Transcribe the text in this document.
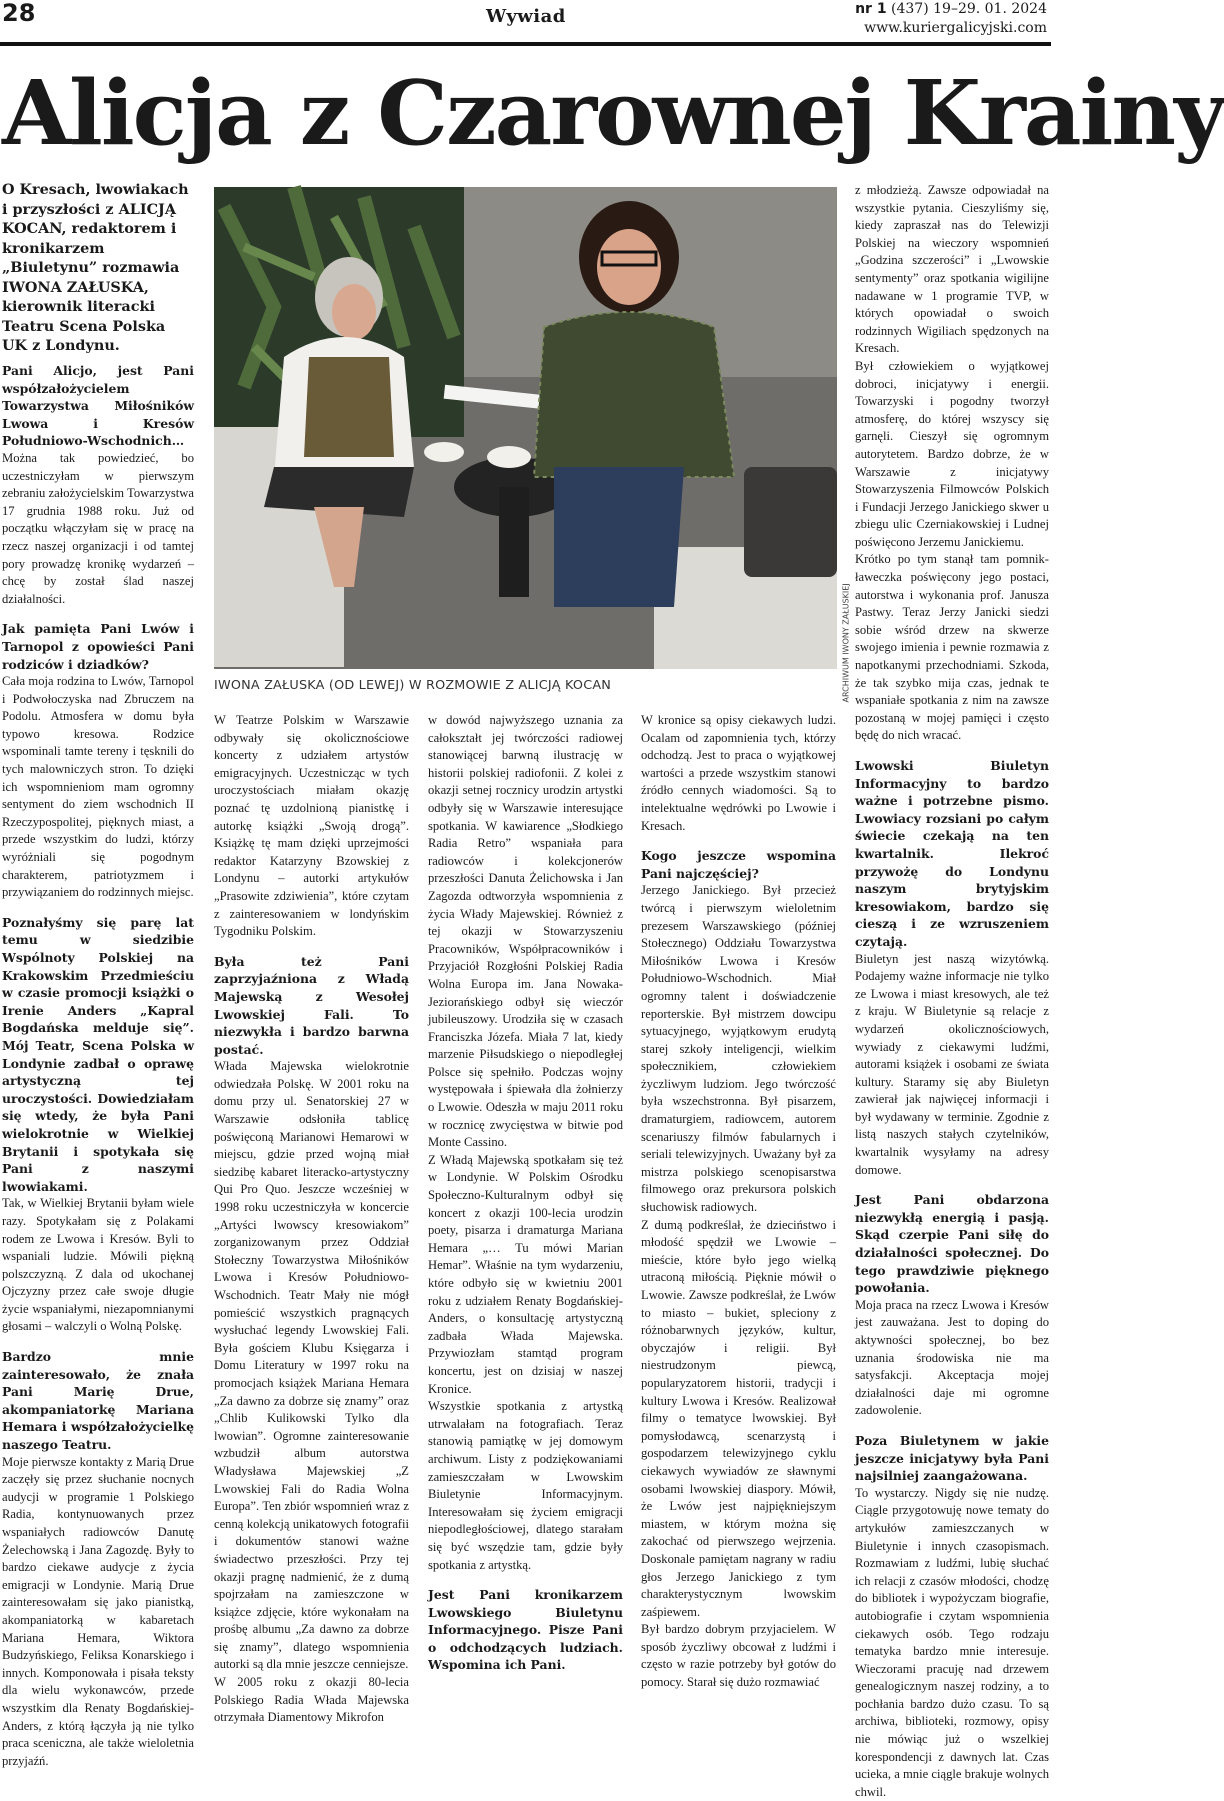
28	Wywiad	nr 1 (437) 19–29. 01. 2024
www.kuriergalicyjski.com
Alicja z Czarownej Krainy
O Kresach, lwowiakach i przyszłości z ALICJĄ KOCAN, redaktorem i kronikarzem „Biuletynu” rozmawia IWONA ZAŁUSKA, kierownik literacki Teatru Scena Polska UK z Londynu.
ARCHIWUM IWONY ZAŁUSKIEJ
IWONA ZAŁUSKA (OD LEWEJ) W ROZMOWIE Z ALICJĄ KOCAN

Pani Alicjo, jest Pani współzałożycielem Towarzystwa Miłośników Lwowa i Kresów Południowo-Wschodnich…

Można tak powiedzieć, bo uczestniczyłam w pierwszym zebraniu założycielskim Towarzystwa 17 grudnia 1988 roku. Już od początku włączyłam się w pracę na rzecz naszej organizacji i od tamtej pory prowadzę kronikę wydarzeń – chcę by został ślad naszej działalności.

Jak pamięta Pani Lwów i Tarnopol z opowieści Pani rodziców i dziadków?

Cała moja rodzina to Lwów, Tarnopol i Podwołoczyska nad Zbruczem na Podolu. Atmosfera w domu była typowo kresowa. Rodzice wspominali tamte tereny i tęsknili do tych malowniczych stron. To dzięki ich wspomnieniom mam ogromny sentyment do ziem wschodnich II Rzeczypospolitej, pięknych miast, a przede wszystkim do ludzi, którzy wyróżniali się pogodnym charakterem, patriotyzmem i przywiązaniem do rodzinnych miejsc.

Poznałyśmy się parę lat temu w siedzibie Wspólnoty Polskiej na Krakowskim Przedmieściu w czasie promocji książki o Irenie Anders „Kapral Bogdańska melduje się”. Mój Teatr, Scena Polska w Londynie zadbał o oprawę artystyczną tej uroczystości. Dowiedziałam się wtedy, że była Pani wielokrotnie w Wielkiej Brytanii i spotykała się Pani z naszymi lwowiakami.

Tak, w Wielkiej Brytanii byłam wiele razy. Spotykałam się z Polakami rodem ze Lwowa i Kresów. Byli to wspaniali ludzie. Mówili piękną polszczyzną. Z dala od ukochanej Ojczyzny przez całe swoje długie życie wspaniałymi, niezapomnianymi głosami – walczyli o Wolną Polskę.

Bardzo mnie zainteresowało, że znała Pani Marię Drue, akompaniatorkę Mariana Hemara i współzałożycielkę naszego Teatru.

Moje pierwsze kontakty z Marią Drue zaczęły się przez słuchanie nocnych audycji w programie 1 Polskiego Radia, kontynuowanych przez wspaniałych radiowców Danutę Żelechowską i Jana Zagozdę. Były to bardzo ciekawe audycje z życia emigracji w Londynie. Marią Drue zainteresowałam się jako pianistką, akompaniatorką w kabaretach Mariana Hemara, Wiktora Budzyńskiego, Feliksa Konarskiego i innych. Komponowała i pisała teksty dla wielu wykonawców, przede wszystkim dla Renaty Bogdańskiej-Anders, z którą łączyła ją nie tylko praca sceniczna, ale także wieloletnia przyjaźń.

W Teatrze Polskim w Warszawie odbywały się okolicznościowe koncerty z udziałem artystów emigracyjnych. Uczestnicząc w tych uroczystościach miałam okazję poznać tę uzdolnioną pianistkę i autorkę książki „Swoją drogą”. Książkę tę mam dzięki uprzejmości redaktor Katarzyny Bzowskiej z Londynu – autorki artykułów „Prasowite zdziwienia”, które czytam z zainteresowaniem w londyńskim Tygodniku Polskim.

Była też Pani zaprzyjaźniona z Władą Majewską z Wesołej Lwowskiej Fali. To niezwykła i bardzo barwna postać.

Włada Majewska wielokrotnie odwiedzała Polskę. W 2001 roku na domu przy ul. Senatorskiej 27 w Warszawie odsłoniła tablicę poświęconą Marianowi Hemarowi w miejscu, gdzie przed wojną miał siedzibę kabaret literacko-artystyczny Qui Pro Quo. Jeszcze wcześniej w 1998 roku uczestniczyła w koncercie „Artyści lwowscy kresowiakom” zorganizowanym przez Oddział Stołeczny Towarzystwa Miłośników Lwowa i Kresów Południowo-Wschodnich. Teatr Mały nie mógł pomieścić wszystkich pragnących wysłuchać legendy Lwowskiej Fali. Była gościem Klubu Księgarza i Domu Literatury w 1997 roku na promocjach książek Mariana Hemara „Za dawno za dobrze się znamy” oraz „Chlib Kulikowski Tylko dla lwowian”. Ogromne zainteresowanie wzbudził album autorstwa Władysława Majewskiej „Z Lwowskiej Fali do Radia Wolna Europa”. Ten zbiór wspomnień wraz z cenną kolekcją unikatowych fotografii i dokumentów stanowi ważne świadectwo przeszłości. Przy tej okazji pragnę nadmienić, że z dumą spojrzałam na zamieszczone w książce zdjęcie, które wykonałam na prośbę albumu „Za dawno za dobrze się znamy”, dlatego wspomnienia autorki są dla mnie jeszcze cenniejsze.

W 2005 roku z okazji 80-lecia Polskiego Radia Włada Majewska otrzymała Diamentowy Mikrofon

w dowód najwyższego uznania za całokształt jej twórczości radiowej stanowiącej barwną ilustrację w historii polskiej radiofonii. Z kolei z okazji setnej rocznicy urodzin artystki odbyły się w Warszawie interesujące spotkania. W kawiarence „Słodkiego Radia Retro” wspaniała para radiowców i kolekcjonerów przeszłości Danuta Żelichowska i Jan Zagozda odtworzyła wspomnienia z życia Włady Majewskiej. Również z tej okazji w Stowarzyszeniu Pracowników, Współpracowników i Przyjaciół Rozgłośni Polskiej Radia Wolna Europa im. Jana Nowaka-Jeziorańskiego odbył się wieczór jubileuszowy. Urodziła się w czasach Franciszka Józefa. Miała 7 lat, kiedy marzenie Piłsudskiego o niepodległej Polsce się spełniło. Podczas wojny występowała i śpiewała dla żołnierzy o Lwowie. Odeszła w maju 2011 roku w rocznicę zwycięstwa w bitwie pod Monte Cassino.

Z Władą Majewską spotkałam się też w Londynie. W Polskim Ośrodku Społeczno-Kulturalnym odbył się koncert z okazji 100-lecia urodzin poety, pisarza i dramaturga Mariana Hemara „… Tu mówi Marian Hemar”. Właśnie na tym wydarzeniu, które odbyło się w kwietniu 2001 roku z udziałem Renaty Bogdańskiej-Anders, o konsultację artystyczną zadbała Włada Majewska. Przywiozłam stamtąd program koncertu, jest on dzisiaj w naszej Kronice.

Wszystkie spotkania z artystką utrwalałam na fotografiach. Teraz stanowią pamiątkę w jej domowym archiwum. Listy z podziękowaniami zamieszczałam w Lwowskim Biuletynie Informacyjnym. Interesowałam się życiem emigracji niepodległościowej, dlatego starałam się być wszędzie tam, gdzie były spotkania z artystką.

Jest Pani kronikarzem Lwowskiego Biuletynu Informacyjnego. Pisze Pani o odchodzących ludziach. Wspomina ich Pani.

W kronice są opisy ciekawych ludzi. Ocalam od zapomnienia tych, którzy odchodzą. Jest to praca o wyjątkowej wartości a przede wszystkim stanowi źródło cennych wiadomości. Są to intelektualne wędrówki po Lwowie i Kresach.

Kogo jeszcze wspomina Pani najczęściej?

Jerzego Janickiego. Był przecież twórcą i pierwszym wieloletnim prezesem Warszawskiego (później Stołecznego) Oddziału Towarzystwa Miłośników Lwowa i Kresów Południowo-Wschodnich. Miał ogromny talent i doświadczenie reporterskie. Był mistrzem dowcipu sytuacyjnego, wyjątkowym erudytą starej szkoły inteligencji, wielkim społecznikiem, człowiekiem życzliwym ludziom. Jego twórczość była wszechstronna. Był pisarzem, dramaturgiem, radiowcem, autorem scenariuszy filmów fabularnych i seriali telewizyjnych. Uważany był za mistrza polskiego scenopisarstwa filmowego oraz prekursora polskich słuchowisk radiowych.

Z dumą podkreślał, że dzieciństwo i młodość spędził we Lwowie – mieście, które było jego wielką utraconą miłością. Pięknie mówił o Lwowie. Zawsze podkreślał, że Lwów to miasto – bukiet, spleciony z różnobarwnych języków, kultur, obyczajów i religii. Był niestrudzonym piewcą, popularyzatorem historii, tradycji i kultury Lwowa i Kresów. Realizował filmy o tematyce lwowskiej. Był pomysłodawcą, scenarzystą i gospodarzem telewizyjnego cyklu ciekawych wywiadów ze sławnymi osobami lwowskiej diaspory. Mówił, że Lwów jest najpiękniejszym miastem, w którym można się zakochać od pierwszego wejrzenia. Doskonale pamiętam nagrany w radiu głos Jerzego Janickiego z tym charakterystycznym lwowskim zaśpiewem.

Był bardzo dobrym przyjacielem. W sposób życzliwy obcował z ludźmi i często w razie potrzeby był gotów do pomocy. Starał się dużo rozmawiać

z młodzieżą. Zawsze odpowiadał na wszystkie pytania. Cieszyliśmy się, kiedy zapraszał nas do Telewizji Polskiej na wieczory wspomnień „Godzina szczerości” i „Lwowskie sentymenty” oraz spotkania wigilijne nadawane w 1 programie TVP, w których opowiadał o swoich rodzinnych Wigiliach spędzonych na Kresach.

Był człowiekiem o wyjątkowej dobroci, inicjatywy i energii. Towarzyski i pogodny tworzył atmosferę, do której wszyscy się garnęli. Cieszył się ogromnym autorytetem. Bardzo dobrze, że w Warszawie z inicjatywy Stowarzyszenia Filmowców Polskich i Fundacji Jerzego Janickiego skwer u zbiegu ulic Czerniakowskiej i Ludnej poświęcono Jerzemu Janickiemu.

Krótko po tym stanął tam pomnik-ławeczka poświęcony jego postaci, autorstwa i wykonania prof. Janusza Pastwy. Teraz Jerzy Janicki siedzi sobie wśród drzew na skwerze swojego imienia i pewnie rozmawia z napotkanymi przechodniami. Szkoda, że tak szybko mija czas, jednak te wspaniałe spotkania z nim na zawsze pozostaną w mojej pamięci i często będę do nich wracać.

Lwowski Biuletyn Informacyjny to bardzo ważne i potrzebne pismo. Lwowiacy rozsiani po całym świecie czekają na ten kwartalnik. Ilekroć przywożę do Londynu naszym brytyjskim kresowiakom, bardzo się cieszą i ze wzruszeniem czytają.

Biuletyn jest naszą wizytówką. Podajemy ważne informacje nie tylko ze Lwowa i miast kresowych, ale też z kraju. W Biuletynie są relacje z wydarzeń okolicznościowych, wywiady z ciekawymi ludźmi, autorami książek i osobami ze świata kultury. Staramy się aby Biuletyn zawierał jak najwięcej informacji i był wydawany w terminie. Zgodnie z listą naszych stałych czytelników, kwartalnik wysyłamy na adresy domowe.

Jest Pani obdarzona niezwykłą energią i pasją. Skąd czerpie Pani siłę do działalności społecznej. Do tego prawdziwie pięknego powołania.

Moja praca na rzecz Lwowa i Kresów jest zauważana. Jest to doping do aktywności społecznej, bo bez uznania środowiska nie ma satysfakcji. Akceptacja mojej działalności daje mi ogromne zadowolenie.

Poza Biuletynem w jakie jeszcze inicjatywy była Pani najsilniej zaangażowana.

To wystarczy. Nigdy się nie nudzę. Ciągle przygotowuję nowe tematy do artykułów zamieszczanych w Biuletynie i innych czasopismach. Rozmawiam z ludźmi, lubię słuchać ich relacji z czasów młodości, chodzę do bibliotek i wypożyczam biografie, autobiografie i czytam wspomnienia ciekawych osób. Tego rodzaju tematyka bardzo mnie interesuje. Wieczorami pracuję nad drzewem genealogicznym naszej rodziny, a to pochłania bardzo dużo czasu. To są archiwa, biblioteki, rozmowy, opisy nie mówiąc już o wszelkiej korespondencji z dawnych lat. Czas ucieka, a mnie ciągle brakuje wolnych chwil.
